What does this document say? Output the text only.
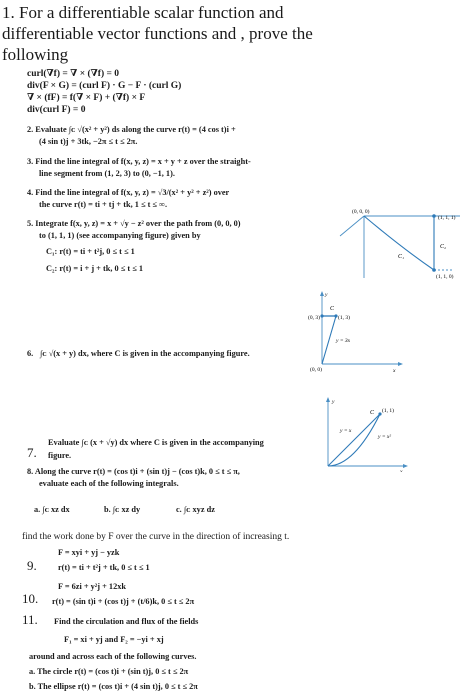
1. For a differentiable scalar function and
differentiable vector functions and , prove the
following
curl(∇f) = ∇ × (∇f) = 0
div(F × G) = (curl F) · G − F · (curl G)
∇ × (fF) = f(∇ × F) + (∇f) × F
div(curl F) = 0
2. Evaluate ∫ᴄ √(x² + y²) ds along the curve r(t) = (4 cos t)i +
(4 sin t)j + 3tk, −2π ≤ t ≤ 2π.
3. Find the line integral of f(x, y, z) = x + y + z over the straight-
line segment from (1, 2, 3) to (0, −1, 1).
4. Find the line integral of f(x, y, z) = √3/(x² + y² + z²) over
the curve r(t) = ti + tj + tk, 1 ≤ t ≤ ∞.
5. Integrate f(x, y, z) = x + √y − z² over the path from (0, 0, 0)
to (1, 1, 1) (see accompanying figure) given by
C₁: r(t) = ti + t²j, 0 ≤ t ≤ 1
C₂: r(t) = i + j + tk, 0 ≤ t ≤ 1
(0, 0, 0)
(1, 1, 1)
(1, 1, 0)
C₁
C₂
y
x
(0, 3)	(1, 3)
C
y = 3x
(0, 0)
6. ∫ᴄ √(x + y) dx, where C is given in the accompanying figure.
y
x
(1, 1)
C
y = x
y = x²
Evaluate ∫ᴄ (x + √y) dx where C is given in the accompanying
7. figure.
8. Along the curve r(t) = (cos t)i + (sin t)j − (cos t)k, 0 ≤ t ≤ π,
evaluate each of the following integrals.
a. ∫ᴄ xz dx	b. ∫ᴄ xz dy	c. ∫ᴄ xyz dz
find the work done by F over the curve in the direction of increasing t.
F = xyi + yj − yzk
9.	r(t) = ti + t²j + tk, 0 ≤ t ≤ 1
F = 6zi + y²j + 12xk
10. r(t) = (sin t)i + (cos t)j + (t/6)k, 0 ≤ t ≤ 2π
11. Find the circulation and flux of the fields
F₁ = xi + yj and F₂ = −yi + xj
around and across each of the following curves.
a. The circle r(t) = (cos t)i + (sin t)j, 0 ≤ t ≤ 2π
b. The ellipse r(t) = (cos t)i + (4 sin t)j, 0 ≤ t ≤ 2π
